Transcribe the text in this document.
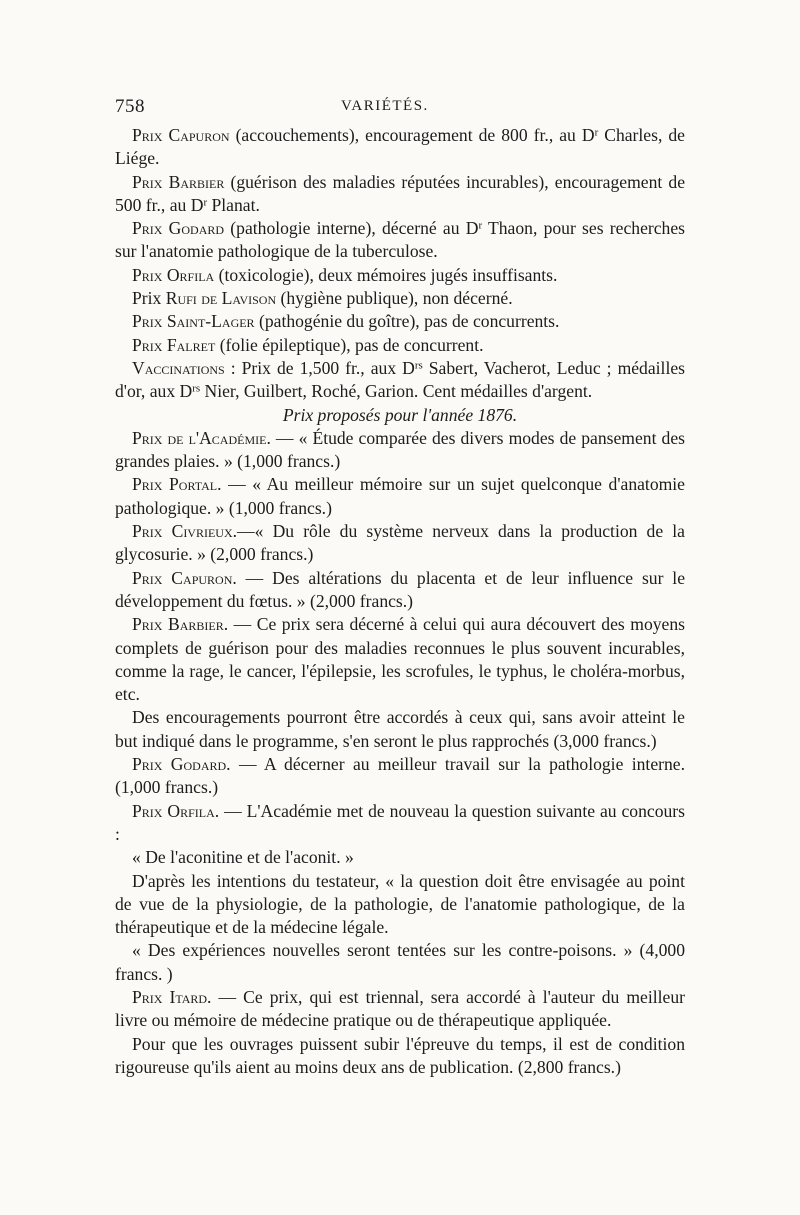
758	VARIÉTÉS.

Prix Capuron (accouchements), encouragement de 800 fr., au $D^r$ Charles, de Liége.

Prix Barbier (guérison des maladies réputées incurables), encouragement de 500 fr., au $D^r$ Planat.

Prix Godard (pathologie interne), décerné au $D^r$ Thaon, pour ses recherches sur l'anatomie pathologique de la tuberculose.

Prix Orfila (toxicologie), deux mémoires jugés insuffisants.

Prix Rufi de Lavison (hygiène publique), non décerné.

Prix Saint-Lager (pathogénie du goître), pas de concurrents.

Prix Falret (folie épileptique), pas de concurrent.

Vaccinations : Prix de 1,500 fr., aux $D^{rs}$ Sabert, Vacherot, Leduc ; médailles d'or, aux $D^{rs}$ Nier, Guilbert, Roché, Garion. Cent médailles d'argent.

Prix proposés pour l'année 1876.

Prix de l'Académie. — « Étude comparée des divers modes de pansement des grandes plaies. » (1,000 francs.)

Prix Portal. — « Au meilleur mémoire sur un sujet quelconque d'anatomie pathologique. » (1,000 francs.)

Prix Civrieux.—« Du rôle du système nerveux dans la production de la glycosurie. » (2,000 francs.)

Prix Capuron. — Des altérations du placenta et de leur influence sur le développement du fœtus. » (2,000 francs.)

Prix Barbier. — Ce prix sera décerné à celui qui aura découvert des moyens complets de guérison pour des maladies reconnues le plus souvent incurables, comme la rage, le cancer, l'épilepsie, les scrofules, le typhus, le choléra-morbus, etc.

Des encouragements pourront être accordés à ceux qui, sans avoir atteint le but indiqué dans le programme, s'en seront le plus rapprochés (3,000 francs.)

Prix Godard. — A décerner au meilleur travail sur la pathologie interne. (1,000 francs.)

Prix Orfila. — L'Académie met de nouveau la question suivante au concours :

« De l'aconitine et de l'aconit. »

D'après les intentions du testateur, « la question doit être envisagée au point de vue de la physiologie, de la pathologie, de l'anatomie pathologique, de la thérapeutique et de la médecine légale.

« Des expériences nouvelles seront tentées sur les contre-poisons. » (4,000 francs. )

Prix Itard. — Ce prix, qui est triennal, sera accordé à l'auteur du meilleur livre ou mémoire de médecine pratique ou de thérapeutique appliquée.

Pour que les ouvrages puissent subir l'épreuve du temps, il est de condition rigoureuse qu'ils aient au moins deux ans de publication. (2,800 francs.)
